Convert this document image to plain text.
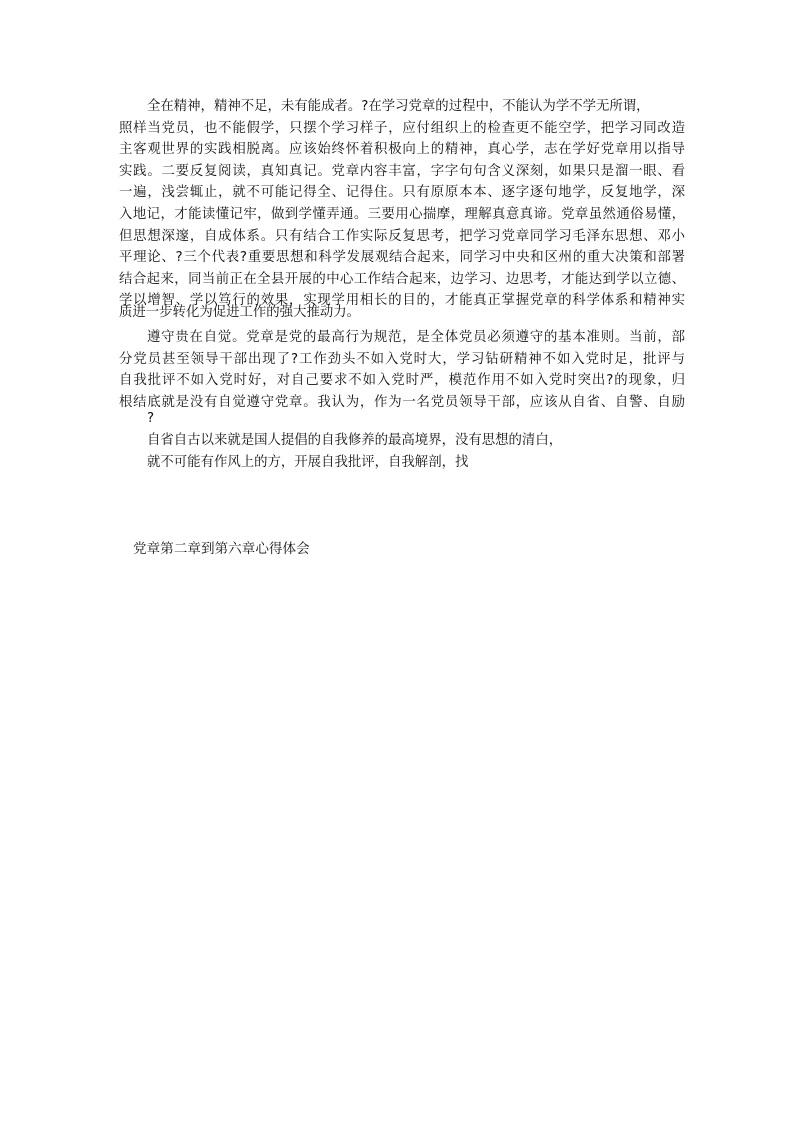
全在精神，精神不足，未有能成者。?在学习党章的过程中，不能认为学不学无所谓，
照样当党员，也不能假学，只摆个学习样子，应付组织上的检查更不能空学，把学习同改造
主客观世界的实践相脱离。应该始终怀着积极向上的精神，真心学，志在学好党章用以指导
实践。二要反复阅读，真知真记。党章内容丰富，字字句句含义深刻，如果只是溜一眼、看
一遍，浅尝辄止，就不可能记得全、记得住。只有原原本本、逐字逐句地学，反复地学，深
入地记，才能读懂记牢，做到学懂弄通。三要用心揣摩，理解真意真谛。党章虽然通俗易懂，
但思想深邃，自成体系。只有结合工作实际反复思考，把学习党章同学习毛泽东思想、邓小
平理论、?三个代表?重要思想和科学发展观结合起来，同学习中央和区州的重大决策和部署
结合起来，同当前正在全县开展的中心工作结合起来，边学习、边思考，才能达到学以立德、
学以增智、学以笃行的效果，实现学用相长的目的，才能真正掌握党章的科学体系和精神实
质进一步转化为促进工作的强大推动力。
遵守贵在自觉。党章是党的最高行为规范，是全体党员必须遵守的基本准则。当前，部
分党员甚至领导干部出现了?工作劲头不如入党时大，学习钻研精神不如入党时足，批评与
自我批评不如入党时好，对自己要求不如入党时严，模范作用不如入党时突出?的现象，归
根结底就是没有自觉遵守党章。我认为，作为一名党员领导干部，应该从自省、自警、自励
?
自省自古以来就是国人提倡的自我修养的最高境界，没有思想的清白，
就不可能有作风上的方，开展自我批评，自我解剖，找
党章第二章到第六章心得体会
